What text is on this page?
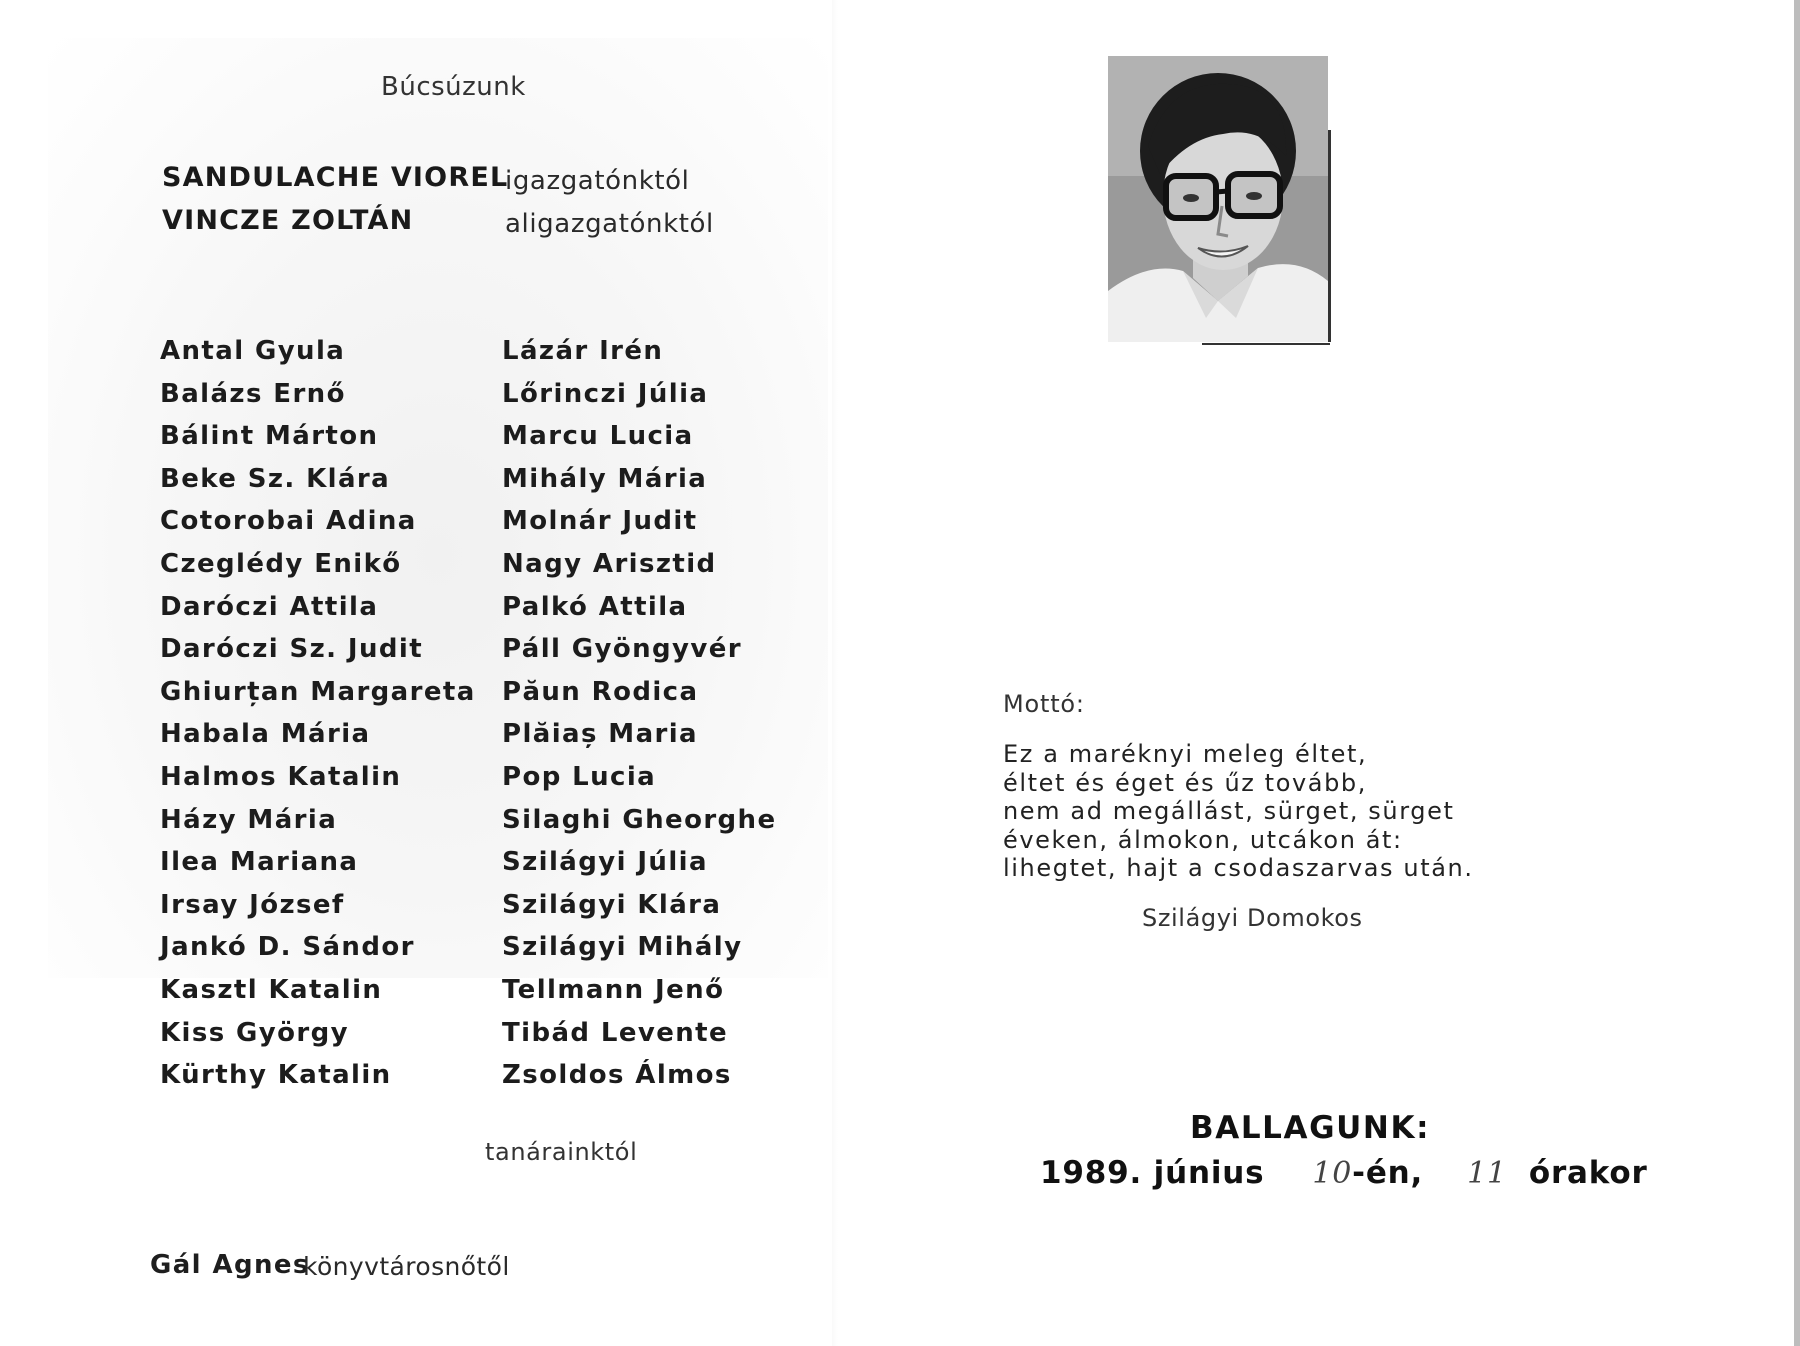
Búcsúzunk
SANDULACHE VIOREL
igazgatónktól
VINCZE ZOLTÁN	aligazgatónktól
Antal Gyula
Balázs Ernő
Bálint Márton
Beke Sz. Klára
Cotorobai Adina
Czeglédy Enikő
Daróczi Attila
Daróczi Sz. Judit
Ghiurțan Margareta
Habala Mária
Halmos Katalin
Házy Mária
Ilea Mariana
Irsay József
Jankó D. Sándor
Kasztl Katalin
Kiss György
Kürthy Katalin
Lázár Irén
Lőrinczi Júlia
Marcu Lucia
Mihály Mária
Molnár Judit
Nagy Arisztid
Palkó Attila
Páll Gyöngyvér
Păun Rodica
Plăiaș Maria
Pop Lucia
Silaghi Gheorghe
Szilágyi Júlia
Szilágyi Klára
Szilágyi Mihály
Tellmann Jenő
Tibád Levente
Zsoldos Álmos
tanárainktól
Gál Agnes
könyvtárosnőtől
Mottó:
Ez a maréknyi meleg éltet,
éltet és éget és űz tovább,
nem ad megállást, sürget, sürget
éveken, álmokon, utcákon át:
lihegtet, hajt a csodaszarvas után.
Szilágyi Domokos
BALLAGUNK:
1989. június 10-én, 11 órakor
